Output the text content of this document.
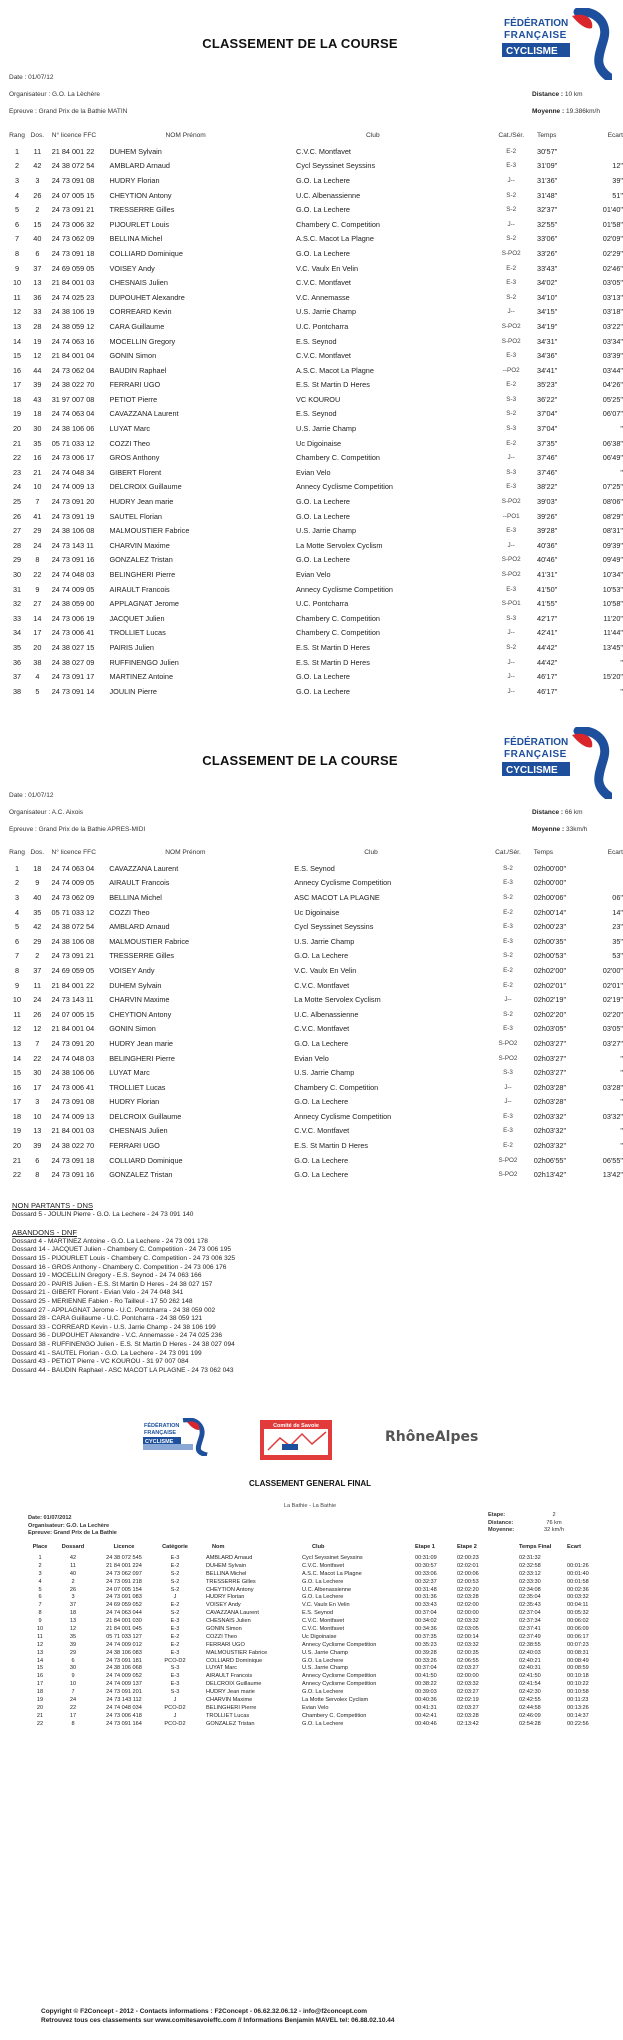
CLASSEMENT DE LA COURSE
FÉDÉRATION
FRANÇAISE
CYCLISME
Date : 01/07/12
Organisateur : G.O. La Lèchère
Epreuve : Grand Prix de la Bathie MATIN
Distance : 10 km
Moyenne : 19.386km/h
Rang	Dos.	N° licence FFC	NOM Prénom	Club	Cat./Sér.	Temps	Ecart
1	11	21 84 001 22	DUHEM Sylvain	C.V.C. Montfavet	E-2	30'57"	
2	42	24 38 072 54	AMBLARD Arnaud	Cycl Seyssinet Seyssins	E-3	31'09"	12"
3	3	24 73 091 08	HUDRY Florian	G.O. La Lechere	J--	31'36"	39"
4	26	24 07 005 15	CHEYTION Antony	U.C. Albenassienne	S-2	31'48"	51"
5	2	24 73 091 21	TRESSERRE Gilles	G.O. La Lechere	S-2	32'37"	01'40"
6	15	24 73 006 32	PIJOURLET Louis	Chambery C. Competition	J--	32'55"	01'58"
7	40	24 73 062 09	BELLINA Michel	A.S.C. Macot La Plagne	S-2	33'06"	02'09"
8	6	24 73 091 18	COLLIARD Dominique	G.O. La Lechere	S-PO2	33'26"	02'29"
9	37	24 69 059 05	VOISEY Andy	V.C. Vaulx En Velin	E-2	33'43"	02'46"
10	13	21 84 001 03	CHESNAIS Julien	C.V.C. Montfavet	E-3	34'02"	03'05"
11	36	24 74 025 23	DUPOUHET Alexandre	V.C. Annemasse	S-2	34'10"	03'13"
12	33	24 38 106 19	CORREARD Kevin	U.S. Jarrie Champ	J--	34'15"	03'18"
13	28	24 38 059 12	CARA Guillaume	U.C. Pontcharra	S-PO2	34'19"	03'22"
14	19	24 74 063 16	MOCELLIN Gregory	E.S. Seynod	S-PO2	34'31"	03'34"
15	12	21 84 001 04	GONIN Simon	C.V.C. Montfavet	E-3	34'36"	03'39"
16	44	24 73 062 04	BAUDIN Raphael	A.S.C. Macot La Plagne	--PO2	34'41"	03'44"
17	39	24 38 022 70	FERRARI UGO	E.S. St Martin D Heres	E-2	35'23"	04'26"
18	43	31 97 007 08	PETIOT Pierre	VC KOUROU	S-3	36'22"	05'25"
19	18	24 74 063 04	CAVAZZANA Laurent	E.S. Seynod	S-2	37'04"	06'07"
20	30	24 38 106 06	LUYAT Marc	U.S. Jarrie Champ	S-3	37'04"	"
21	35	05 71 033 12	COZZI Theo	Uc Digoinaise	E-2	37'35"	06'38"
22	16	24 73 006 17	GROS Anthony	Chambery C. Competition	J--	37'46"	06'49"
23	21	24 74 048 34	GIBERT Florent	Evian Velo	S-3	37'46"	"
24	10	24 74 009 13	DELCROIX Guillaume	Annecy Cyclisme Competition	E-3	38'22"	07'25"
25	7	24 73 091 20	HUDRY Jean marie	G.O. La Lechere	S-PO2	39'03"	08'06"
26	41	24 73 091 19	SAUTEL Florian	G.O. La Lechere	--PO1	39'26"	08'29"
27	29	24 38 106 08	MALMOUSTIER Fabrice	U.S. Jarrie Champ	E-3	39'28"	08'31"
28	24	24 73 143 11	CHARVIN Maxime	La Motte Servolex Cyclism	J--	40'36"	09'39"
29	8	24 73 091 16	GONZALEZ Tristan	G.O. La Lechere	S-PO2	40'46"	09'49"
30	22	24 74 048 03	BELINGHERI Pierre	Evian Velo	S-PO2	41'31"	10'34"
31	9	24 74 009 05	AIRAULT Francois	Annecy Cyclisme Competition	E-3	41'50"	10'53"
32	27	24 38 059 00	APPLAGNAT Jerome	U.C. Pontcharra	S-PO1	41'55"	10'58"
33	14	24 73 006 19	JACQUET Julien	Chambery C. Competition	S-3	42'17"	11'20"
34	17	24 73 006 41	TROLLIET Lucas	Chambery C. Competition	J--	42'41"	11'44"
35	20	24 38 027 15	PAIRIS Julien	E.S. St Martin D Heres	S-2	44'42"	13'45"
36	38	24 38 027 09	RUFFINENGO Julien	E.S. St Martin D Heres	J--	44'42"	"
37	4	24 73 091 17	MARTINEZ Antoine	G.O. La Lechere	J--	46'17"	15'20"
38	5	24 73 091 14	JOULIN Pierre	G.O. La Lechere	J--	46'17"	"
CLASSEMENT DE LA COURSE
FÉDÉRATION
FRANÇAISE
CYCLISME
Date : 01/07/12
Organisateur : A.C. Aixois
Epreuve : Grand Prix de la Bathie APRES-MIDI
Distance : 66 km
Moyenne : 33km/h
Rang	Dos.	N° licence FFC	NOM Prénom	Club	Cat./Sér.	Temps	Ecart
1	18	24 74 063 04	CAVAZZANA Laurent	E.S. Seynod	S-2	02h00'00"	
2	9	24 74 009 05	AIRAULT Francois	Annecy Cyclisme Competition	E-3	02h00'00"	
3	40	24 73 062 09	BELLINA Michel	ASC MACOT LA PLAGNE	S-2	02h00'06"	06"
4	35	05 71 033 12	COZZI Theo	Uc Digoinaise	E-2	02h00'14"	14"
5	42	24 38 072 54	AMBLARD Arnaud	Cycl Seyssinet Seyssins	E-3	02h00'23"	23"
6	29	24 38 106 08	MALMOUSTIER Fabrice	U.S. Jarrie Champ	E-3	02h00'35"	35"
7	2	24 73 091 21	TRESSERRE Gilles	G.O. La Lechere	S-2	02h00'53"	53"
8	37	24 69 059 05	VOISEY Andy	V.C. Vaulx En Velin	E-2	02h02'00"	02'00"
9	11	21 84 001 22	DUHEM Sylvain	C.V.C. Montfavet	E-2	02h02'01"	02'01"
10	24	24 73 143 11	CHARVIN Maxime	La Motte Servolex Cyclism	J--	02h02'19"	02'19"
11	26	24 07 005 15	CHEYTION Antony	U.C. Albenassienne	S-2	02h02'20"	02'20"
12	12	21 84 001 04	GONIN Simon	C.V.C. Montfavet	E-3	02h03'05"	03'05"
13	7	24 73 091 20	HUDRY Jean marie	G.O. La Lechere	S-PO2	02h03'27"	03'27"
14	22	24 74 048 03	BELINGHERI Pierre	Evian Velo	S-PO2	02h03'27"	"
15	30	24 38 106 06	LUYAT Marc	U.S. Jarrie Champ	S-3	02h03'27"	"
16	17	24 73 006 41	TROLLIET Lucas	Chambery C. Competition	J--	02h03'28"	03'28"
17	3	24 73 091 08	HUDRY Florian	G.O. La Lechere	J--	02h03'28"	"
18	10	24 74 009 13	DELCROIX Guillaume	Annecy Cyclisme Competition	E-3	02h03'32"	03'32"
19	13	21 84 001 03	CHESNAIS Julien	C.V.C. Montfavet	E-3	02h03'32"	"
20	39	24 38 022 70	FERRARI UGO	E.S. St Martin D Heres	E-2	02h03'32"	"
21	6	24 73 091 18	COLLIARD Dominique	G.O. La Lechere	S-PO2	02h06'55"	06'55"
22	8	24 73 091 16	GONZALEZ Tristan	G.O. La Lechere	S-PO2	02h13'42"	13'42"
NON PARTANTS - DNS
Dossard 5 - JOULIN Pierre - G.O. La Lechere - 24 73 091 140
ABANDONS - DNF
Dossard 4 - MARTINEZ Antoine - G.O. La Lechere - 24 73 091 178
Dossard 14 - JACQUET Julien - Chambery C. Competition - 24 73 006 195
Dossard 15 - PIJOURLET Louis - Chambery C. Competition - 24 73 006 325
Dossard 16 - GROS Anthony - Chambery C. Competition - 24 73 006 176
Dossard 19 - MOCELLIN Gregory - E.S. Seynod - 24 74 063 166
Dossard 20 - PAIRIS Julien - E.S. St Martin D Heres - 24 38 027 157
Dossard 21 - GIBERT Florent - Evian Velo - 24 74 048 341
Dossard 25 - MERIENNE Fabien - Ro Tailleul - 17 50 262 148
Dossard 27 - APPLAGNAT Jerome - U.C. Pontcharra - 24 38 059 002
Dossard 28 - CARA Guillaume - U.C. Pontcharra - 24 38 059 121
Dossard 33 - CORREARD Kevin - U.S. Jarrie Champ - 24 38 106 199
Dossard 36 - DUPOUHET Alexandre - V.C. Annemasse - 24 74 025 236
Dossard 38 - RUFFINENGO Julien - E.S. St Martin D Heres - 24 38 027 094
Dossard 41 - SAUTEL Florian - G.O. La Lechere - 24 73 091 199
Dossard 43 - PETIOT Pierre - VC KOUROU - 31 97 007 084
Dossard 44 - BAUDIN Raphael - ASC MACOT LA PLAGNE - 24 73 062 043
FÉDÉRATION
FRANÇAISE
CYCLISME
Comité de Savoie
RhôneAlpes
CLASSEMENT GENERAL FINAL
La Bathie - La Bathie
Date: 01/07/2012
Organisateur: G.O. La Lechère
Epreuve: Grand Prix de La Bathie
Etape:	2
Distance:	76 km
Moyenne:	32 km/h
Place	Dossard	Licence	Catégorie	Nom	Club	Etape 1	Etape 2	Temps Final	Ecart
1	42	24 38 072 545	E-3	AMBLARD Arnaud	Cycl Seyssinet Seyssins	00:31:09	02:00:23	02:31:32	
2	11	21 84 001 224	E-2	DUHEM Sylvain	C.V.C. Montfavet	00:30:57	02:02:01	02:32:58	00:01:26
3	40	24 73 062 097	S-2	BELLINA Michel	A.S.C. Macot La Plagne	00:33:06	02:00:06	02:33:12	00:01:40
4	2	24 73 091 218	S-2	TRESSERRE Gilles	G.O. La Lechere	00:32:37	02:00:53	02:33:30	00:01:58
5	26	24 07 005 154	S-2	CHEYTION Antony	U.C. Albenassienne	00:31:48	02:02:20	02:34:08	00:02:36
6	3	24 73 091 083	J	HUDRY Florian	G.O. La Lechere	00:31:36	02:03:28	02:35:04	00:03:32
7	37	24 69 059 052	E-2	VOISEY Andy	V.C. Vaulx En Velin	00:33:43	02:02:00	02:35:43	00:04:11
8	18	24 74 063 044	S-2	CAVAZZANA Laurent	E.S. Seynod	00:37:04	02:00:00	02:37:04	00:05:32
9	13	21 84 001 030	E-3	CHESNAIS Julien	C.V.C. Montfavet	00:34:02	02:03:32	02:37:34	00:06:02
10	12	21 84 001 045	E-3	GONIN Simon	C.V.C. Montfavet	00:34:36	02:03:05	02:37:41	00:06:09
11	35	05 71 033 127	E-2	COZZI Theo	Uc Digoinaise	00:37:35	02:00:14	02:37:49	00:06:17
12	39	24 74 009 012	E-2	FERRARI UGO	Annecy Cyclisme Competition	00:35:23	02:03:32	02:38:55	00:07:23
13	29	24 38 106 083	E-3	MALMOUSTIER Fabrice	U.S. Jarrie Champ	00:39:28	02:00:35	02:40:03	00:08:31
14	6	24 73 091 181	PCO-D2	COLLIARD Dominique	G.O. La Lechere	00:33:26	02:06:55	02:40:21	00:08:49
15	30	24 38 106 068	S-3	LUYAT Marc	U.S. Jarrie Champ	00:37:04	02:03:27	02:40:31	00:08:59
16	9	24 74 009 052	E-3	AIRAULT Francois	Annecy Cyclisme Competition	00:41:50	02:00:00	02:41:50	00:10:18
17	10	24 74 009 137	E-3	DELCROIX Guillaume	Annecy Cyclisme Competition	00:38:22	02:03:32	02:41:54	00:10:22
18	7	24 73 091 201	S-3	HUDRY Jean marie	G.O. La Lechere	00:39:03	02:03:27	02:42:30	00:10:58
19	24	24 73 143 112	J	CHARVIN Maxime	La Motte Servolex Cyclism	00:40:36	02:02:19	02:42:55	00:11:23
20	22	24 74 048 034	PCO-D2	BELINGHERI Pierre	Evian Velo	00:41:31	02:03:27	02:44:58	00:13:26
21	17	24 73 006 418	J	TROLLIET Lucas	Chambery C. Competition	00:42:41	02:03:28	02:46:09	00:14:37
22	8	24 73 091 164	PCO-D2	GONZALEZ Tristan	G.O. La Lechere	00:40:46	02:13:42	02:54:28	00:22:56
Copyright © F2Concept - 2012 - Contacts informations : F2Concept - 06.62.32.06.12 - info@f2concept.com
Retrouvez tous ces classements sur www.comitesavoieffc.com // Informations Benjamin MAVEL tel: 06.88.02.10.44
